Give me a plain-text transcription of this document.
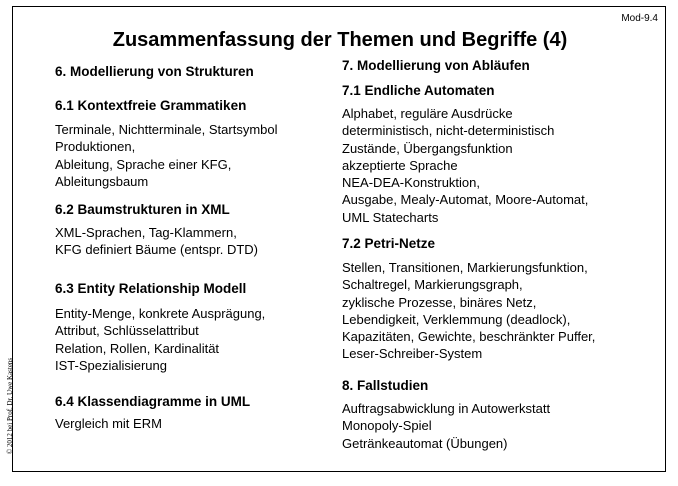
Mod-9.4
Zusammenfassung der Themen und Begriffe (4)
© 2012 bei Prof. Dr. Uwe Kastens
6. Modellierung von Strukturen
6.1 Kontextfreie Grammatiken
Terminale, Nichtterminale, Startsymbol
Produktionen,
Ableitung, Sprache einer KFG,
Ableitungsbaum
6.2 Baumstrukturen in XML
XML-Sprachen, Tag-Klammern,
KFG definiert Bäume (entspr. DTD)
6.3 Entity Relationship Modell
Entity-Menge, konkrete Ausprägung,
Attribut, Schlüsselattribut
Relation, Rollen, Kardinalität
IST-Spezialisierung
6.4 Klassendiagramme in UML
Vergleich mit ERM
7. Modellierung von Abläufen
7.1 Endliche Automaten
Alphabet, reguläre Ausdrücke
deterministisch, nicht-deterministisch
Zustände, Übergangsfunktion
akzeptierte Sprache
NEA-DEA-Konstruktion,
Ausgabe, Mealy-Automat, Moore-Automat,
UML Statecharts
7.2 Petri-Netze
Stellen, Transitionen, Markierungsfunktion,
Schaltregel, Markierungsgraph,
zyklische Prozesse, binäres Netz,
Lebendigkeit, Verklemmung (deadlock),
Kapazitäten, Gewichte, beschränkter Puffer,
Leser-Schreiber-System
8. Fallstudien
Auftragsabwicklung in Autowerkstatt
Monopoly-Spiel
Getränkeautomat (Übungen)
